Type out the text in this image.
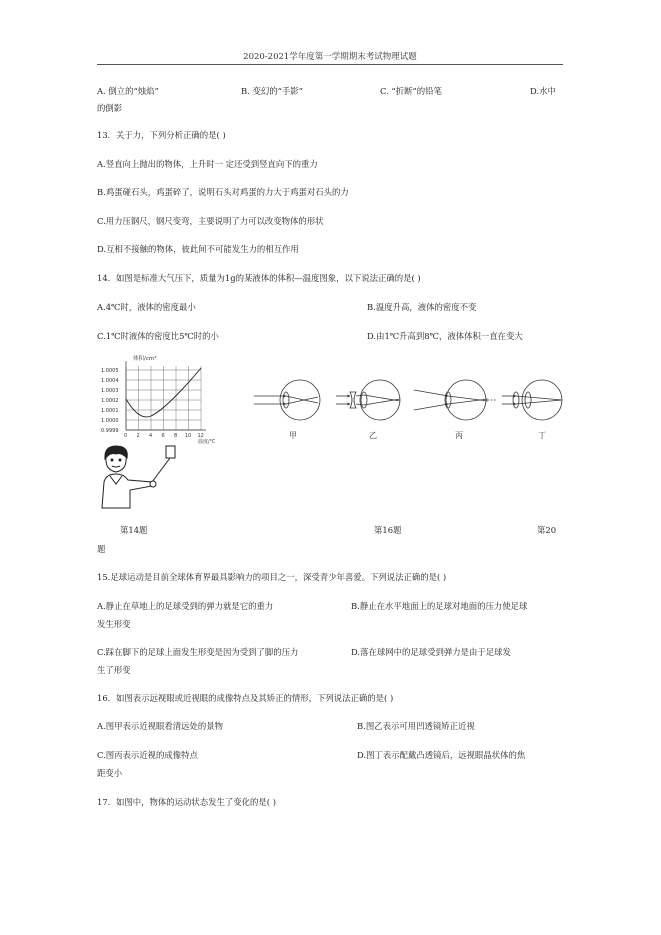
2020-2021学年度第一学期期末考试物理试题
A. 倒立的“烛焰”	B. 变幻的“手影”	C. “折断”的铅笔	D.水中
的倒影
13．关于力，下列分析正确的是( )
A.竖直向上抛出的物体，上升时一 定还受到竖直向下的重力
B.鸡蛋碰石头，鸡蛋碎了，说明石头对鸡蛋的力大于鸡蛋对石头的力
C.用力压钢尺，钢尺变弯，主要说明了力可以改变物体的形状
D.互相不接触的物体，彼此间不可能发生力的相互作用
14．如图是标准大气压下，质量为1g的某液体的体积—温度图象，以下说法正确的是( )
A.4℃时，液体的密度最小	B.温度升高，液体的密度不变
C.1℃时液体的密度比5℃时的小	D.由1℃升高到8℃，液体体积一直在变大
体积/cm³
1.0005
1.0004
1.0003
1.0002
1.0001
1.0000
0.9999
0 2 4 6 8 10 12
温度/℃
甲	乙	丙	丁
第14题	第16题	第20
题
15.足球运动是目前全球体育界最具影响力的项目之一，深受青少年喜爱。下列说法正确的是( )
A.静止在草地上的足球受到的弹力就是它的重力	B.静止在水平地面上的足球对地面的压力使足球
发生形变
C.踩在脚下的足球上面发生形变是因为受到了脚的压力	D.落在球网中的足球受到弹力是由于足球发
生了形变
16．如图表示远视眼或近视眼的成像特点及其矫正的情形，下列说法正确的是( )
A.图甲表示近视眼看清远处的景物	B.图乙表示可用凹透镜矫正近视
C.图丙表示近视的成像特点	D.图丁表示配戴凸透镜后，远视眼晶状体的焦
距变小
17．如图中，物体的运动状态发生了变化的是( )
